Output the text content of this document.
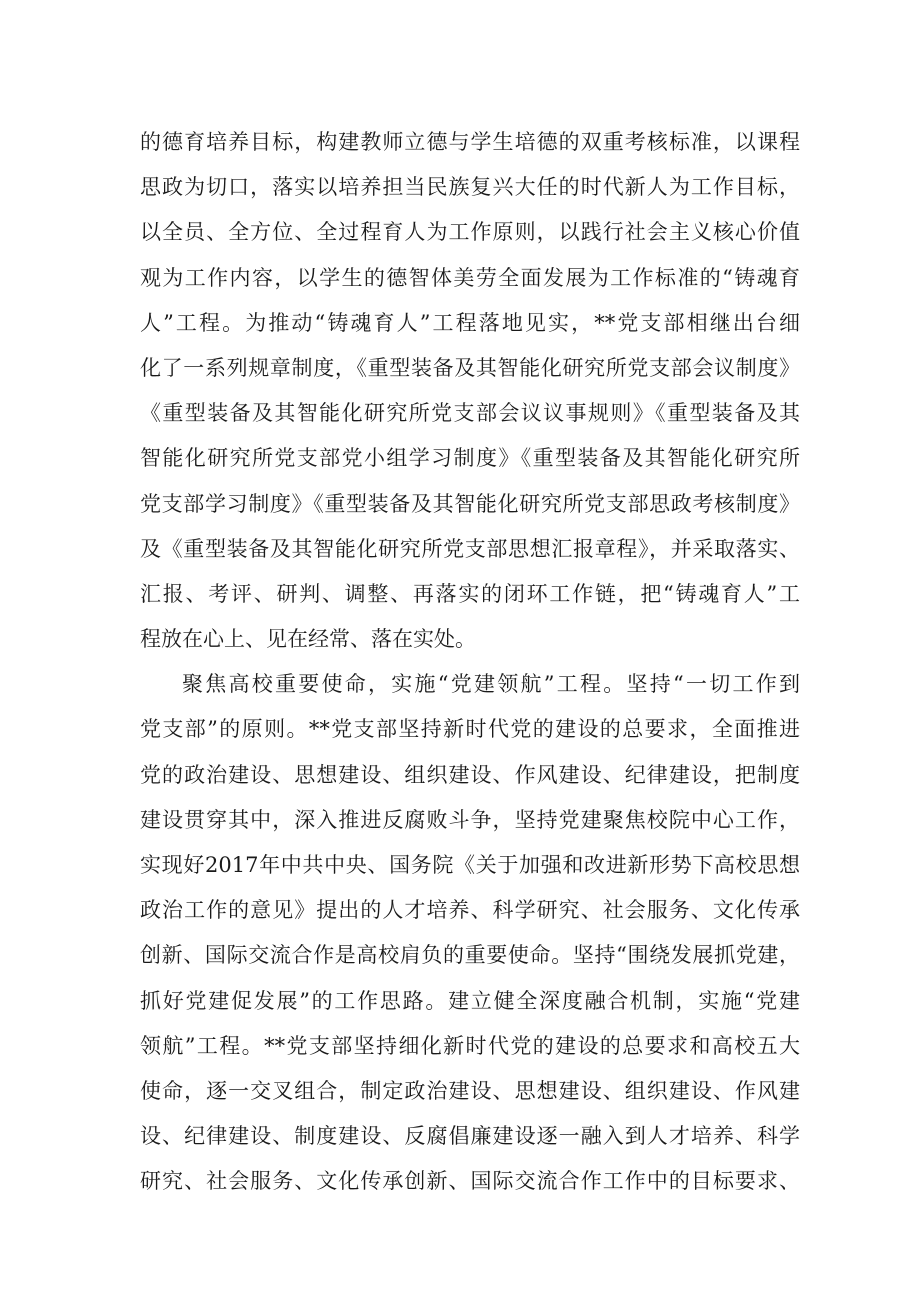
的德育培养目标，构建教师立德与学生培德的双重考核标准，以课程
思政为切口，落实以培养担当民族复兴大任的时代新人为工作目标，
以全员、全方位、全过程育人为工作原则，以践行社会主义核心价值
观为工作内容，以学生的德智体美劳全面发展为工作标准的“铸魂育
人”工程。为推动“铸魂育人”工程落地见实，**党支部相继出台细
化了一系列规章制度，《重型装备及其智能化研究所党支部会议制度》
《重型装备及其智能化研究所党支部会议议事规则》《重型装备及其
智能化研究所党支部党小组学习制度》《重型装备及其智能化研究所
党支部学习制度》《重型装备及其智能化研究所党支部思政考核制度》
及《重型装备及其智能化研究所党支部思想汇报章程》，并采取落实、
汇报、考评、研判、调整、再落实的闭环工作链，把“铸魂育人”工
程放在心上、见在经常、落在实处。
聚焦高校重要使命，实施“党建领航”工程。坚持“一切工作到
党支部”的原则。**党支部坚持新时代党的建设的总要求，全面推进
党的政治建设、思想建设、组织建设、作风建设、纪律建设，把制度
建设贯穿其中，深入推进反腐败斗争，坚持党建聚焦校院中心工作，
实现好2017年中共中央、国务院《关于加强和改进新形势下高校思想
政治工作的意见》提出的人才培养、科学研究、社会服务、文化传承
创新、国际交流合作是高校肩负的重要使命。坚持“围绕发展抓党建，
抓好党建促发展”的工作思路。建立健全深度融合机制，实施“党建
领航”工程。**党支部坚持细化新时代党的建设的总要求和高校五大
使命，逐一交叉组合，制定政治建设、思想建设、组织建设、作风建
设、纪律建设、制度建设、反腐倡廉建设逐一融入到人才培养、科学
研究、社会服务、文化传承创新、国际交流合作工作中的目标要求、
